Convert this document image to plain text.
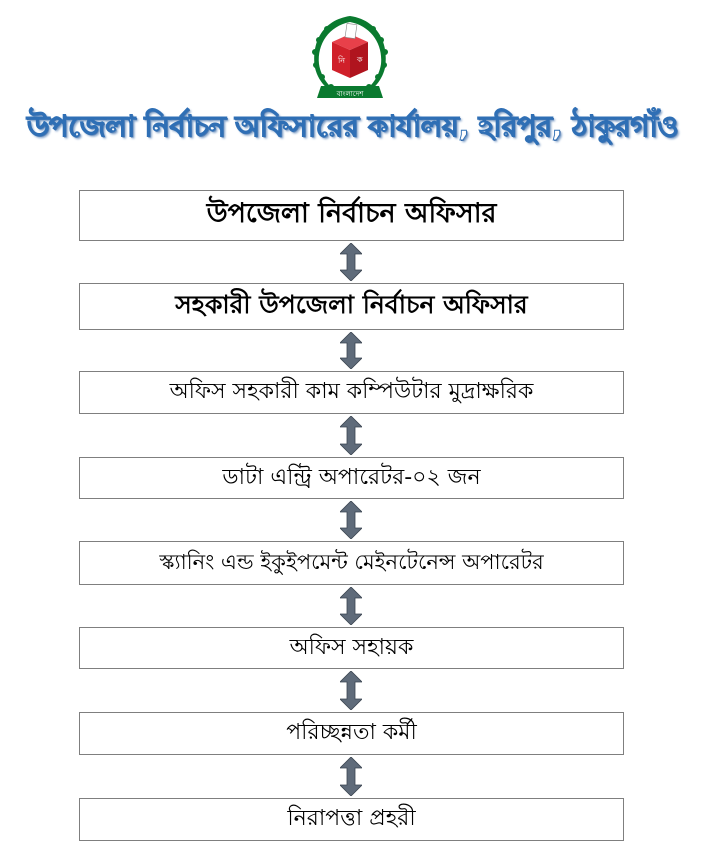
নি ক
বাংলাদেশ
উপজেলা নির্বাচন অফিসারের কার্যালয়, হরিপুর, ঠাকুরগাঁও
উপজেলা নির্বাচন অফিসার
সহকারী উপজেলা নির্বাচন অফিসার
অফিস সহকারী কাম কম্পিউটার মুদ্রাক্ষরিক
ডাটা এন্ট্রি অপারেটর-০২ জন
স্ক্যানিং এন্ড ইকুইপমেন্ট মেইনটেনেন্স অপারেটর
অফিস সহায়ক
পরিচ্ছন্নতা কর্মী
নিরাপত্তা প্রহরী
